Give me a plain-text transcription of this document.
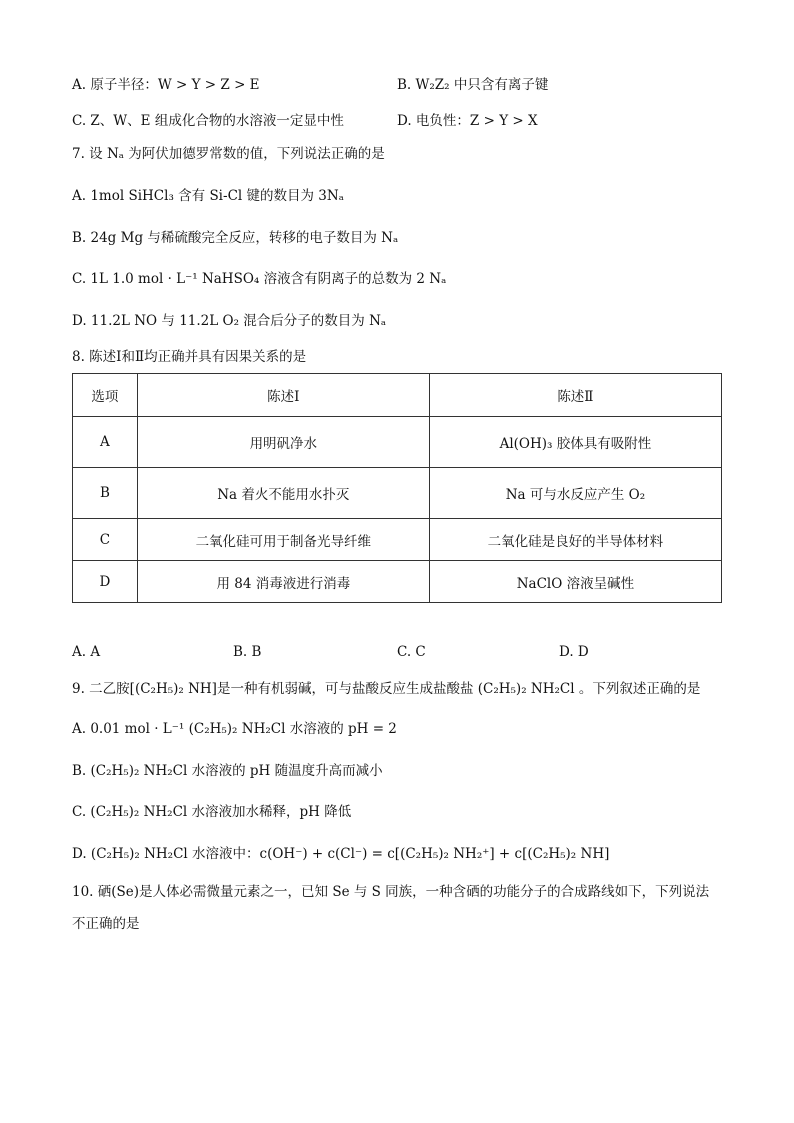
A. 原子半径：W > Y > Z > E	B. W₂Z₂ 中只含有离子键
C. Z、W、E 组成化合物的水溶液一定显中性	D. 电负性：Z > Y > X
7. 设 Nₐ 为阿伏加德罗常数的值，下列说法正确的是
A. 1mol SiHCl₃ 含有 Si-Cl 键的数目为 3Nₐ
B. 24g Mg 与稀硫酸完全反应，转移的电子数目为 Nₐ
C. 1L 1.0 mol · L⁻¹ NaHSO₄ 溶液含有阴离子的总数为 2 Nₐ
D. 11.2L NO 与 11.2L O₂ 混合后分子的数目为 Nₐ
8. 陈述Ⅰ和Ⅱ均正确并具有因果关系的是
选项	陈述Ⅰ	陈述Ⅱ
A	用明矾净水	Al(OH)₃ 胶体具有吸附性
B	Na 着火不能用水扑灭	Na 可与水反应产生 O₂
C	二氧化硅可用于制备光导纤维	二氧化硅是良好的半导体材料
D	用 84 消毒液进行消毒	NaClO 溶液呈碱性
A. A	B. B	C. C	D. D
9. 二乙胺[(C₂H₅)₂ NH]是一种有机弱碱，可与盐酸反应生成盐酸盐 (C₂H₅)₂ NH₂Cl 。下列叙述正确的是
A. 0.01 mol · L⁻¹ (C₂H₅)₂ NH₂Cl 水溶液的 pH = 2
B. (C₂H₅)₂ NH₂Cl 水溶液的 pH 随温度升高而减小
C. (C₂H₅)₂ NH₂Cl 水溶液加水稀释，pH 降低
D. (C₂H₅)₂ NH₂Cl 水溶液中：c(OH⁻) + c(Cl⁻) = c[(C₂H₅)₂ NH₂⁺] + c[(C₂H₅)₂ NH]
10. 硒(Se)是人体必需微量元素之一，已知 Se 与 S 同族，一种含硒的功能分子的合成路线如下，下列说法
不正确的是
